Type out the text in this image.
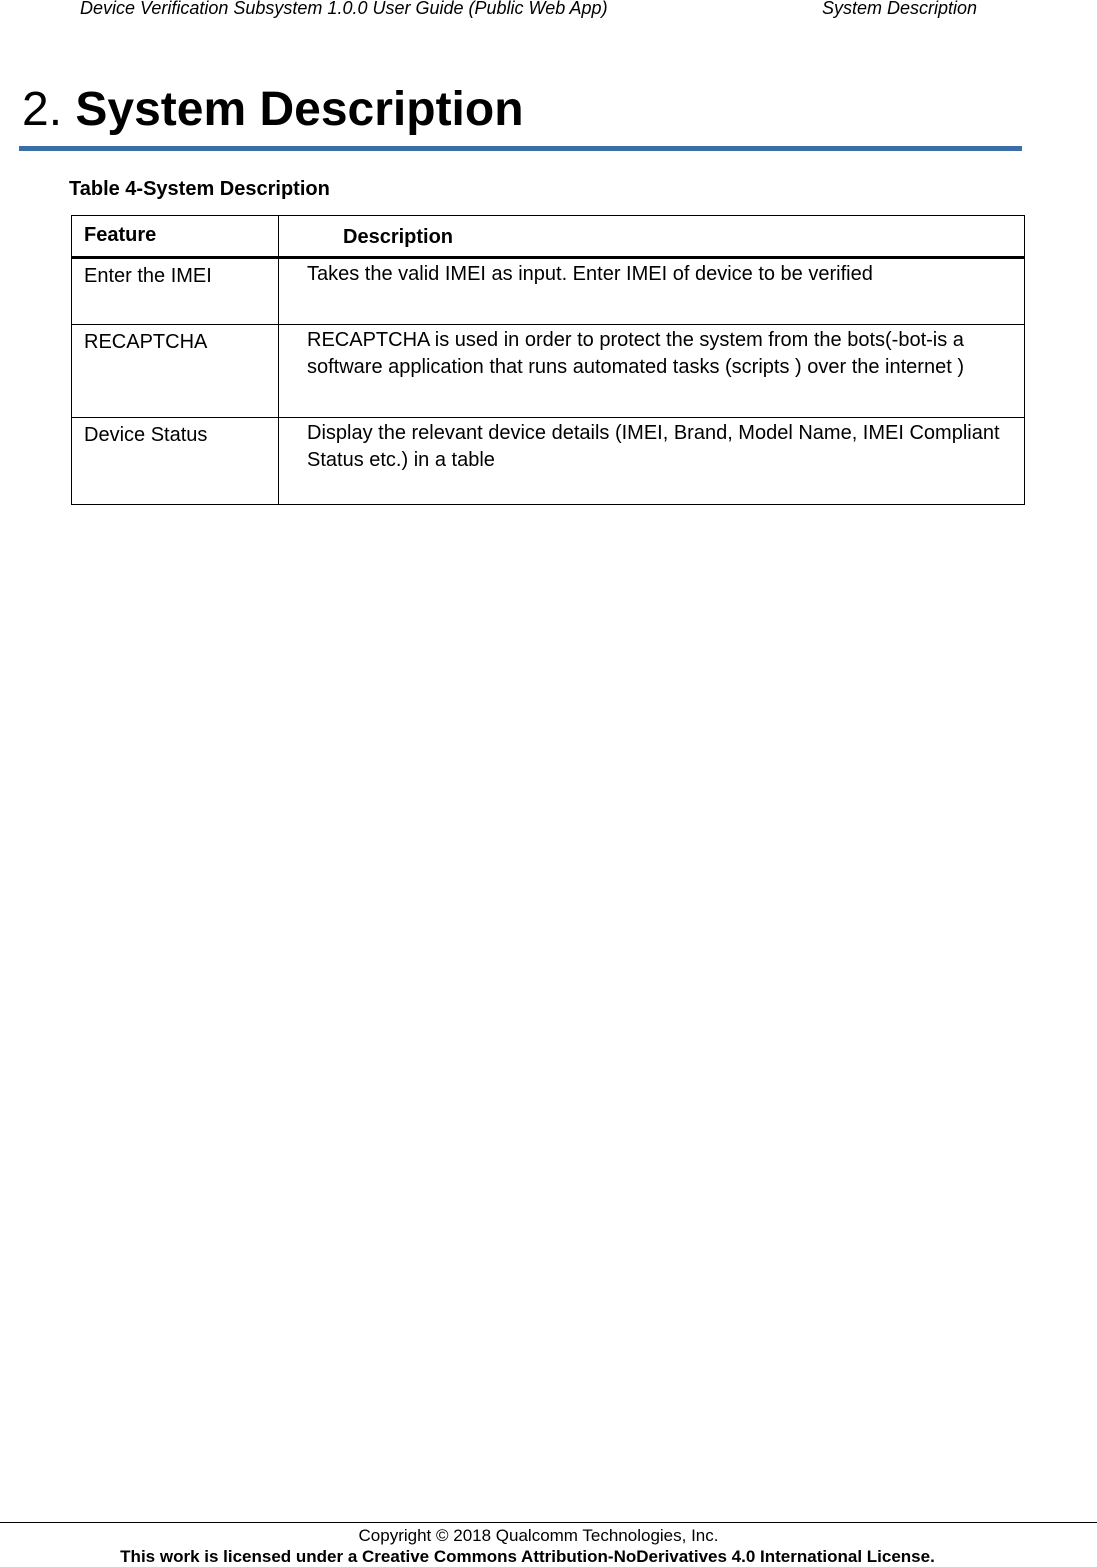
Device Verification Subsystem 1.0.0 User Guide (Public Web App)	System Description
2. System Description
Table 4-System Description
Feature	Description

Enter the IMEI	Takes the valid IMEI as input. Enter IMEI of device to be verified

RECAPTCHA	RECAPTCHA is used in order to protect the system from the bots(-bot-is a software application that runs automated tasks (scripts ) over the internet )

Device Status	Display the relevant device details (IMEI, Brand, Model Name, IMEI Compliant Status etc.) in a table
Copyright © 2018 Qualcomm Technologies, Inc.
This work is licensed under a Creative Commons Attribution-NoDerivatives 4.0 International License.
